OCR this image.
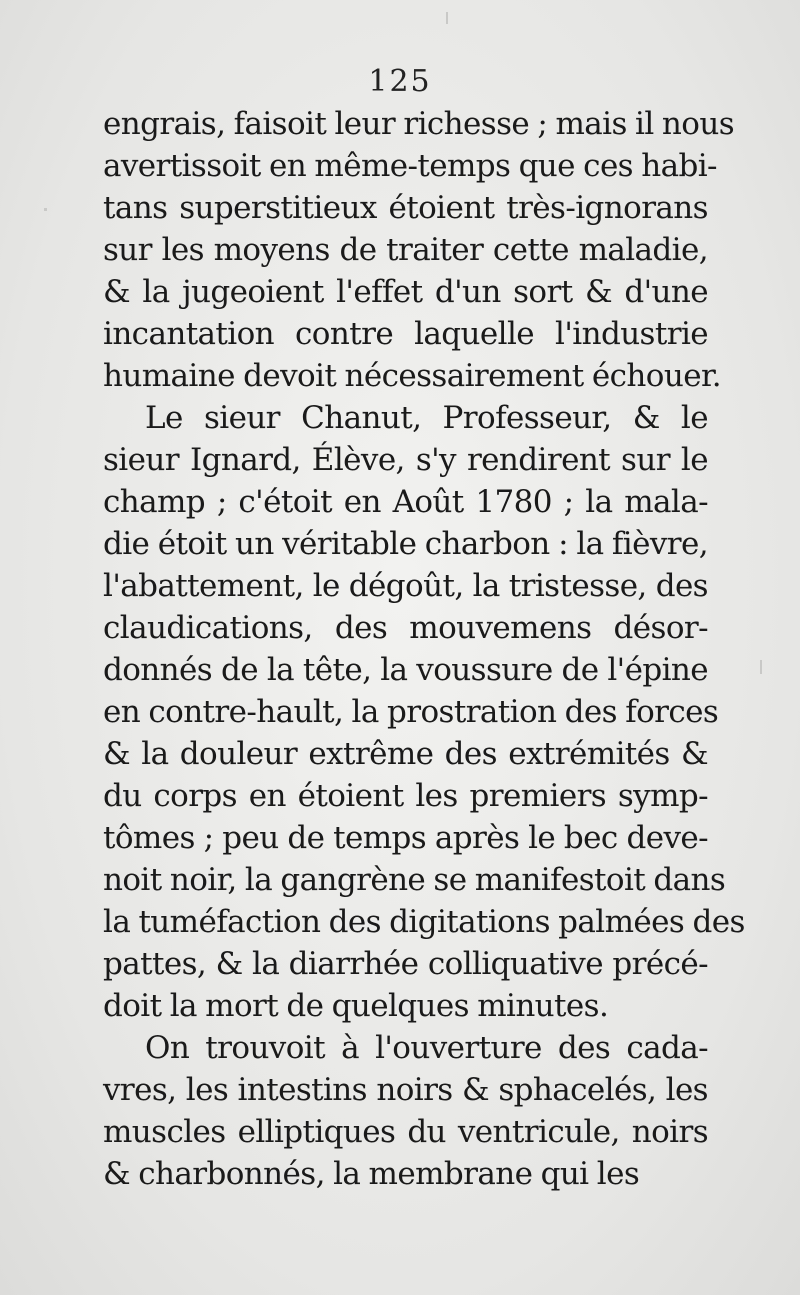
125
engrais, faisoit leur richesse ; mais il nous
avertissoit en même-temps que ces habi-
tans superstitieux étoient très-ignorans
sur les moyens de traiter cette maladie,
& la jugeoient l'effet d'un sort & d'une
incantation contre laquelle l'industrie
humaine devoit nécessairement échouer.
Le sieur Chanut, Professeur, & le
sieur Ignard, Élève, s'y rendirent sur le
champ ; c'étoit en Août 1780 ; la mala-
die étoit un véritable charbon : la fièvre,
l'abattement, le dégoût, la tristesse, des
claudications, des mouvemens désor-
donnés de la tête, la voussure de l'épine
en contre-hault, la prostration des forces
& la douleur extrême des extrémités &
du corps en étoient les premiers symp-
tômes ; peu de temps après le bec deve-
noit noir, la gangrène se manifestoit dans
la tuméfaction des digitations palmées des
pattes, & la diarrhée colliquative précé-
doit la mort de quelques minutes.
On trouvoit à l'ouverture des cada-
vres, les intestins noirs & sphacelés, les
muscles elliptiques du ventricule, noirs
& charbonnés, la membrane qui les
